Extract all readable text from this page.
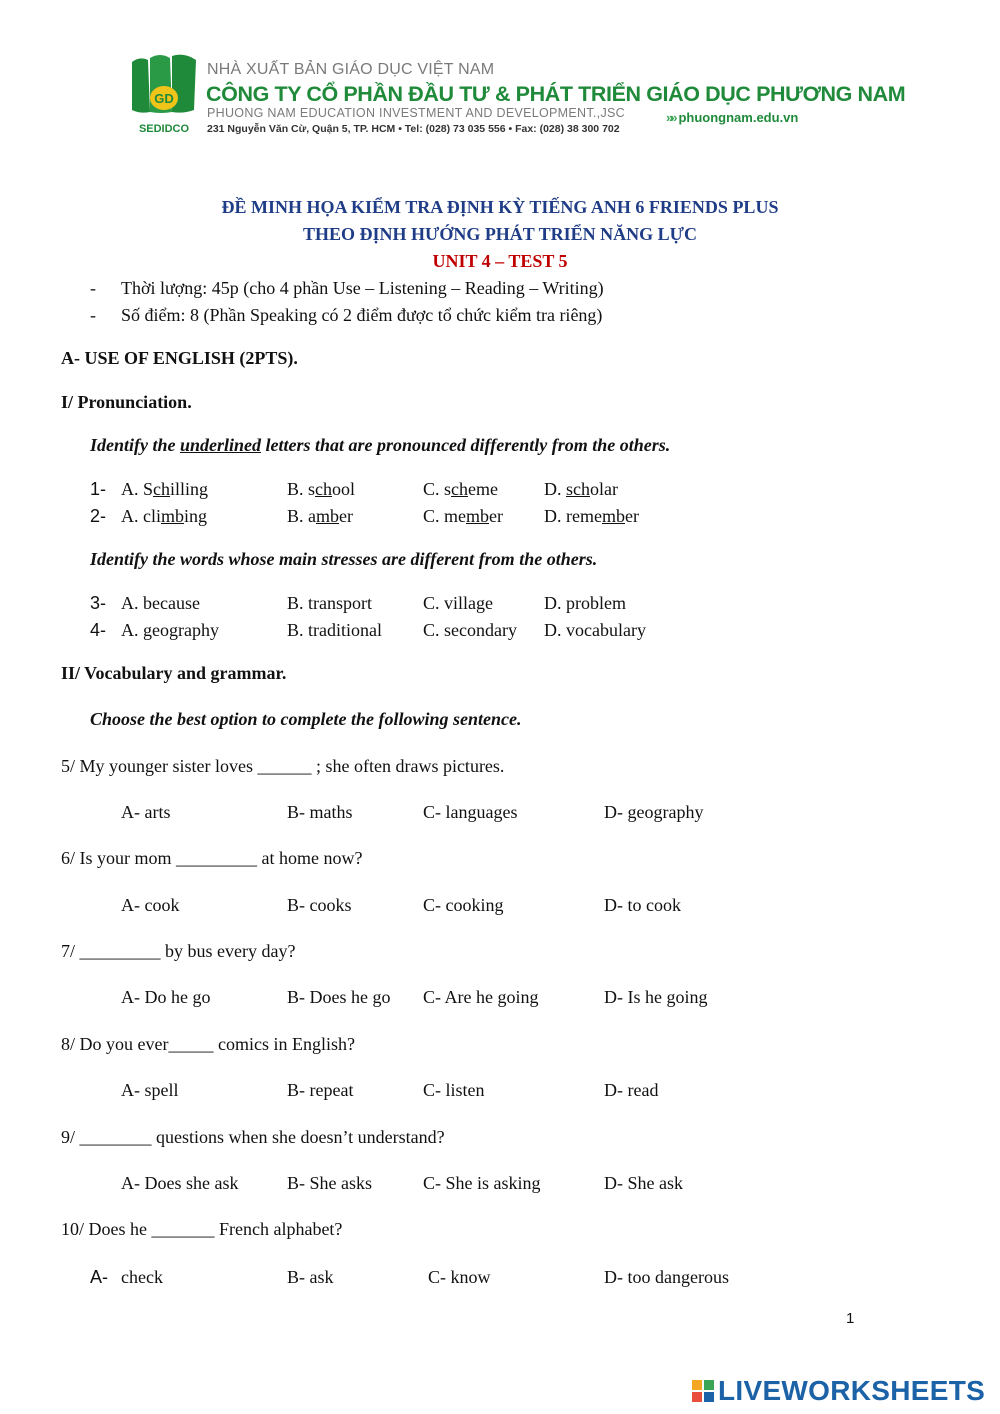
GD
SEDIDCO
NHÀ XUẤT BẢN GIÁO DỤC VIỆT NAM
CÔNG TY CỔ PHẦN ĐẦU TƯ & PHÁT TRIỂN GIÁO DỤC PHƯƠNG NAM
PHUONG NAM EDUCATION INVESTMENT AND DEVELOPMENT.,JSC
231 Nguyễn Văn Cừ, Quận 5, TP. HCM • Tel: (028) 73 035 556 • Fax: (028) 38 300 702
»» phuongnam.edu.vn
ĐỀ MINH HỌA KIỂM TRA ĐỊNH KỲ TIẾNG ANH 6 FRIENDS PLUS
THEO ĐỊNH HƯỚNG PHÁT TRIỂN NĂNG LỰC
UNIT 4 – TEST 5
- Thời lượng: 45p (cho 4 phần Use – Listening – Reading – Writing)
- Số điểm: 8 (Phần Speaking có 2 điểm được tổ chức kiểm tra riêng)
A- USE OF ENGLISH (2PTS).
I/ Pronunciation.
Identify the underlined letters that are pronounced differently from the others.
1- A. Schilling	B. school	C. scheme	D. scholar
2- A. climbing	B. amber	C. member D. remember
Identify the words whose main stresses are different from the others.
3- A. because	B. transport	C. village	D. problem
4- A. geography	B. traditional C. secondary D. vocabulary
II/ Vocabulary and grammar.
Choose the best option to complete the following sentence.
5/ My younger sister loves ______ ; she often draws pictures.
A- arts	B- maths	C- languages	D- geography
6/ Is your mom _________ at home now?
A- cook	B- cooks	C- cooking	D- to cook
7/ _________ by bus every day?
A- Do he go	B- Does he go C- Are he going	D- Is he going
8/ Do you ever_____ comics in English?
A- spell	B- repeat	C- listen	D- read
9/ ________ questions when she doesn’t understand?
A- Does she ask	B- She asks	C- She is asking	D- She ask
10/ Does he _______ French alphabet?
A- check	B- ask	C- know	D- too dangerous
1
LIVEWORKSHEETS
